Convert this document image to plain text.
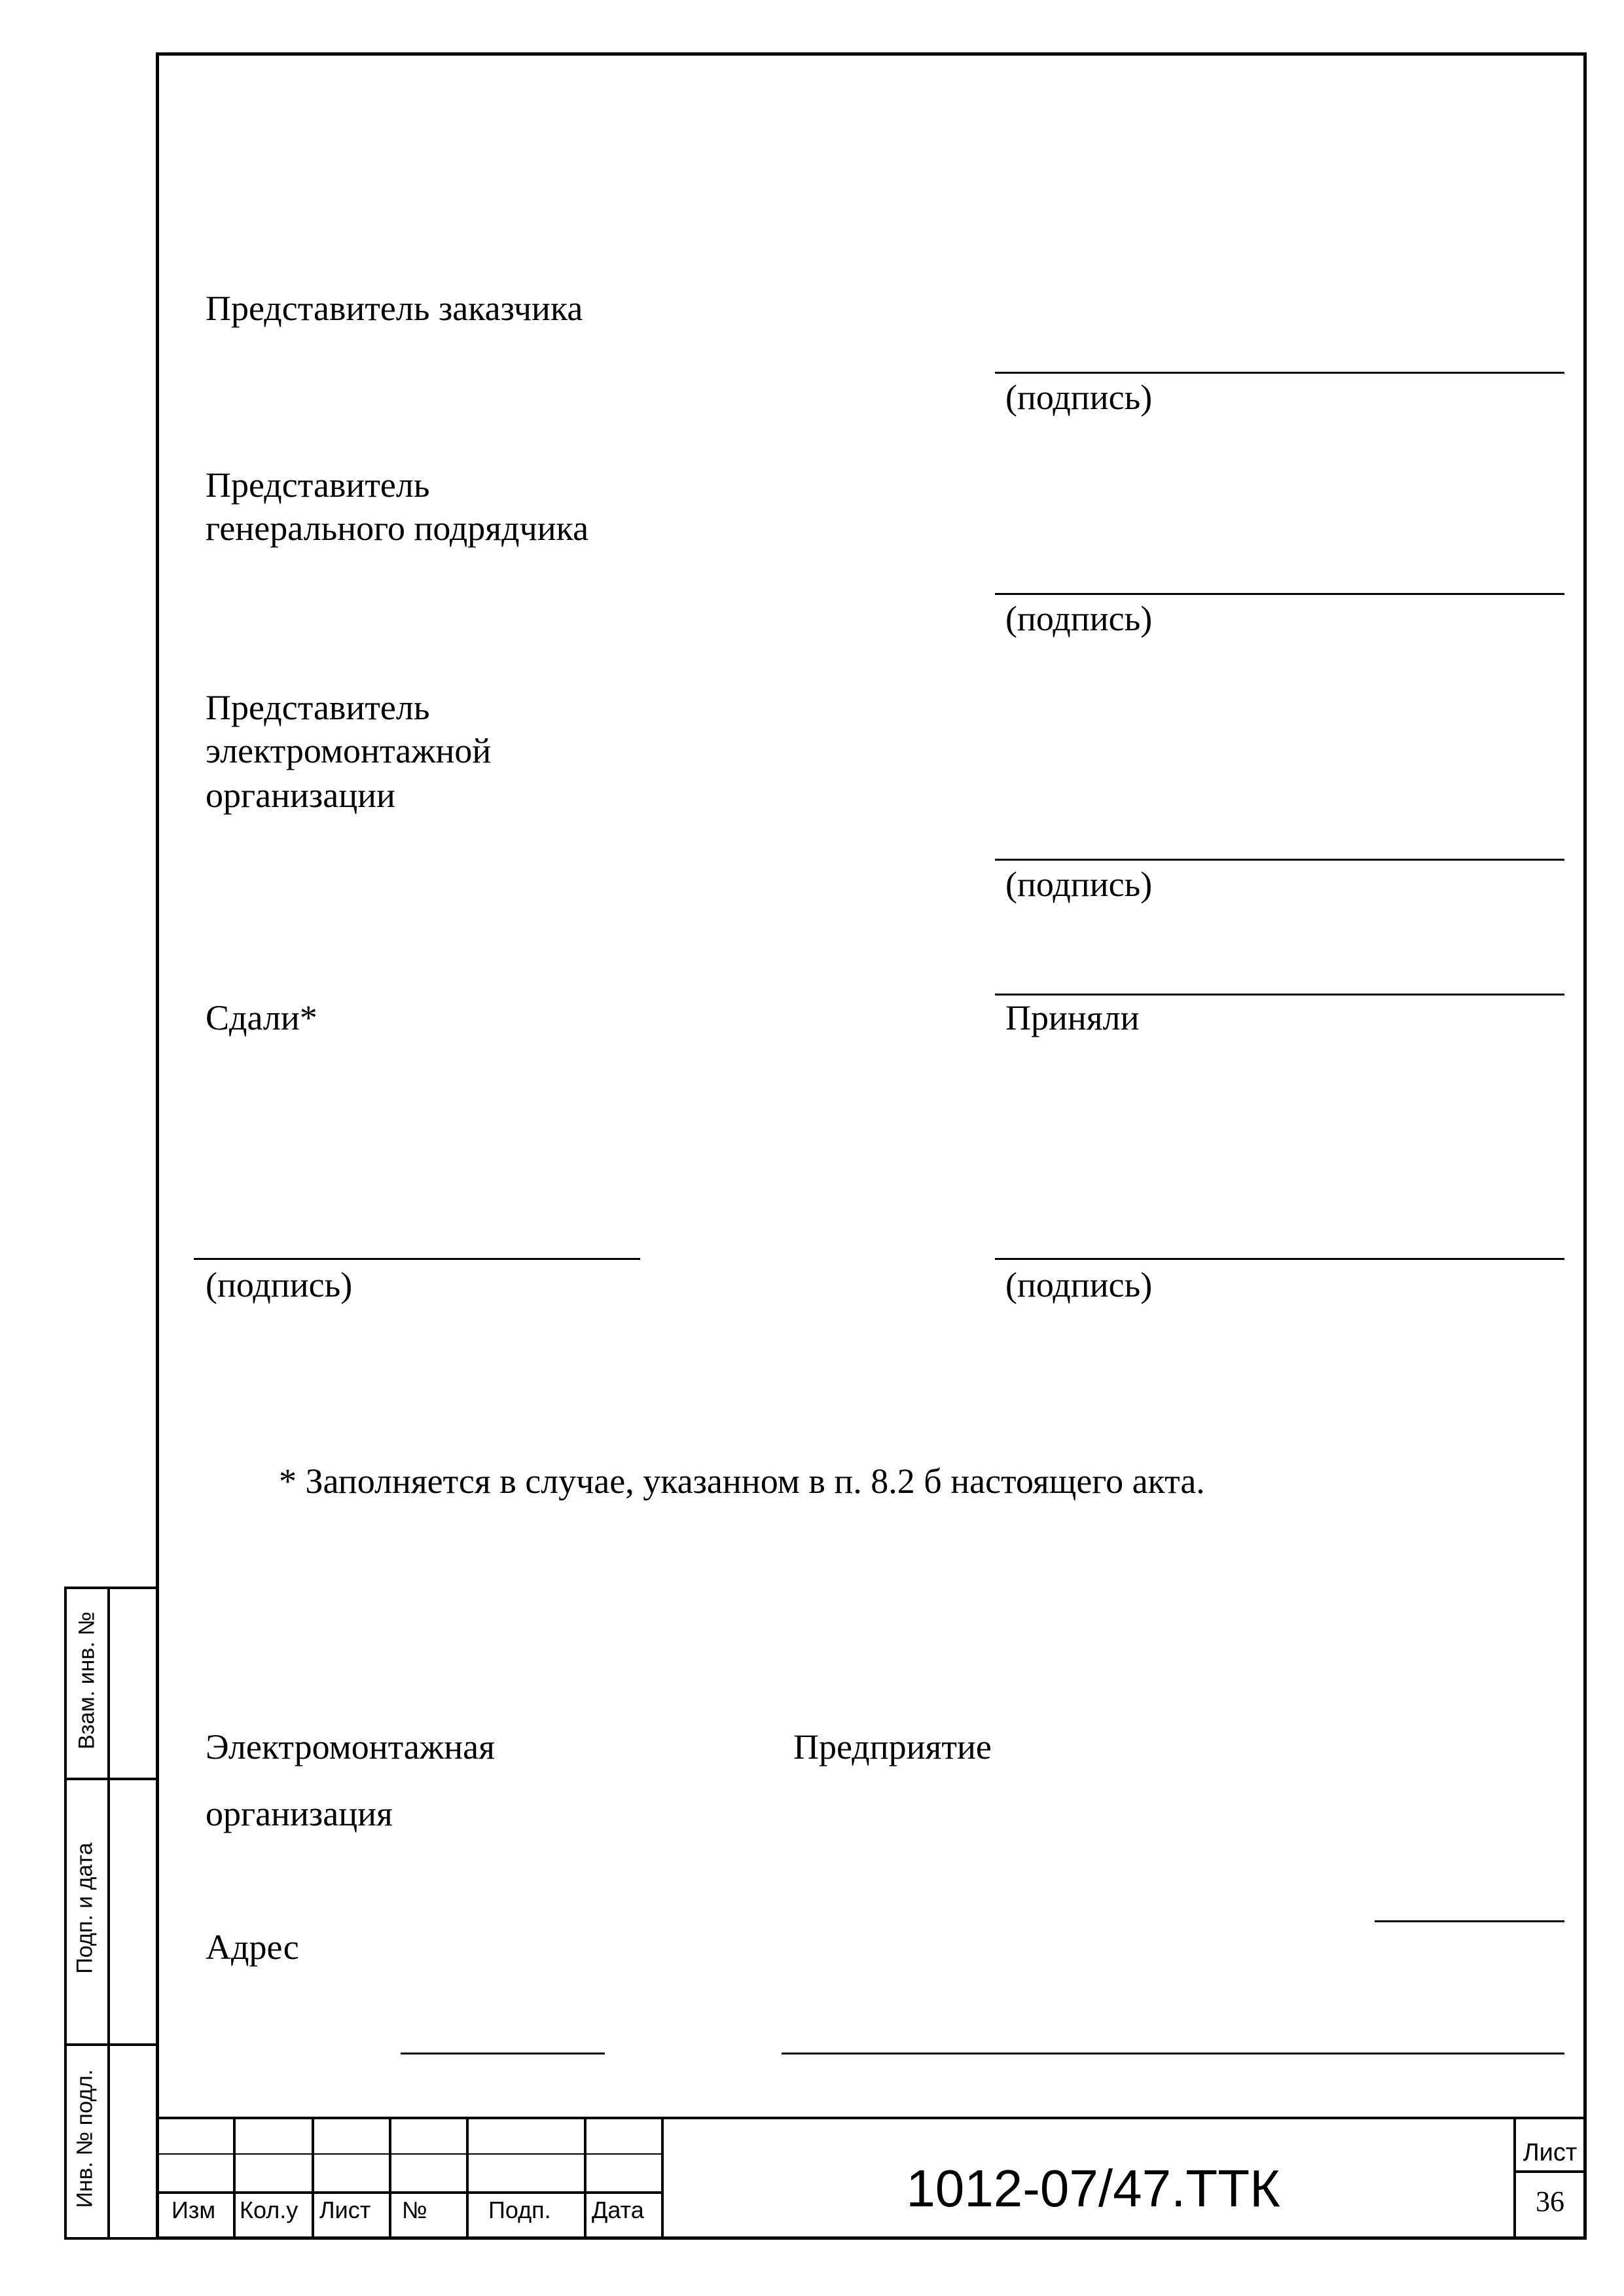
Представитель заказчика
(подпись)
Представитель
генерального подрядчика
(подпись)
Представитель
электромонтажной
организации
(подпись)
Сдали*	Приняли
(подпись)	(подпись)
* Заполняется в случае, указанном в п. 8.2 б настоящего акта.
Электромонтажная
организация
Предприятие
Адрес
Взам. инв. №
Подп. и дата
Инв. № подл.
Изм Кол.у Лист №	Подп. Дата	1012-07/47.ТТК
Лист
36
